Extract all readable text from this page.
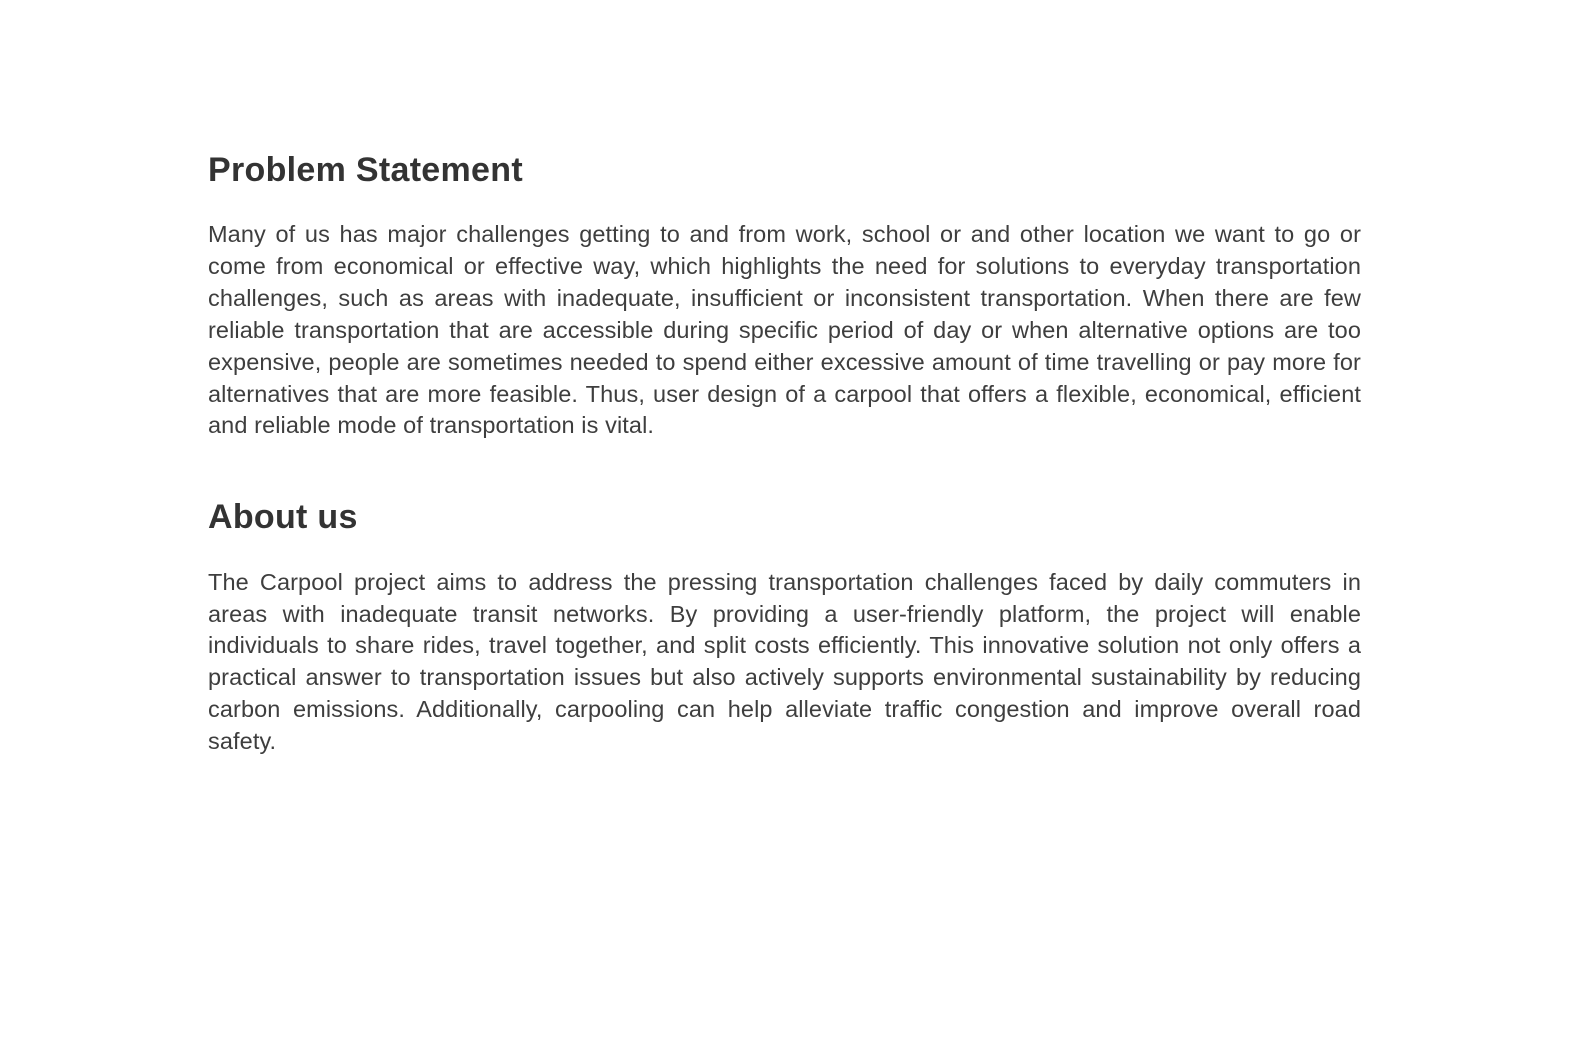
Problem Statement

Many of us has major challenges getting to and from work, school or and other location we want to go or come from economical or effective way, which highlights the need for solutions to everyday transportation challenges, such as areas with inadequate, insufficient or inconsistent transportation. When there are few reliable transportation that are accessible during specific period of day or when alternative options are too expensive, people are sometimes needed to spend either excessive amount of time travelling or pay more for alternatives that are more feasible. Thus, user design of a carpool that offers a flexible, economical, efficient and reliable mode of transportation is vital.

About us

The Carpool project aims to address the pressing transportation challenges faced by daily commuters in areas with inadequate transit networks. By providing a user-friendly platform, the project will enable individuals to share rides, travel together, and split costs efficiently. This innovative solution not only offers a practical answer to transportation issues but also actively supports environmental sustainability by reducing carbon emissions. Additionally, carpooling can help alleviate traffic congestion and improve overall road safety.
